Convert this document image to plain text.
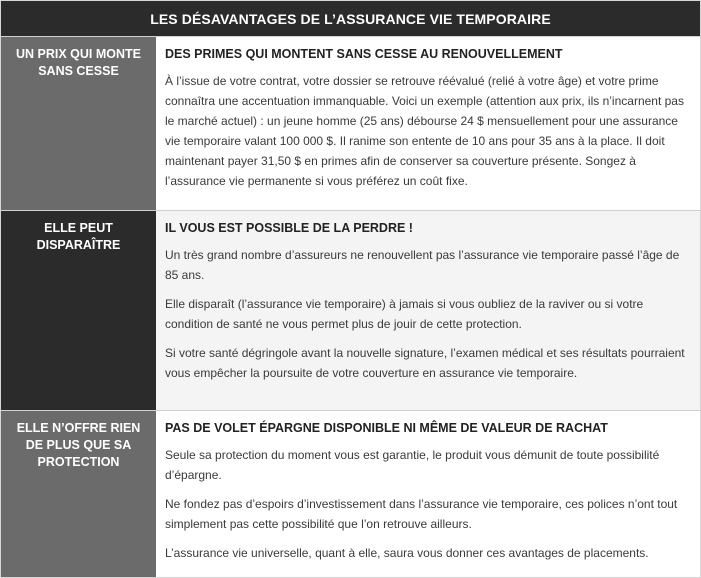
LES DÉSAVANTAGES DE L’ASSURANCE VIE TEMPORAIRE
UN PRIX QUI MONTE SANS CESSE
DES PRIMES QUI MONTENT SANS CESSE AU RENOUVELLEMENT

À l’issue de votre contrat, votre dossier se retrouve réévalué (relié à votre âge) et votre prime connaîtra une accentuation immanquable. Voici un exemple (attention aux prix, ils n’incarnent pas le marché actuel) : un jeune homme (25 ans) débourse 24 $ mensuellement pour une assurance vie temporaire valant 100 000 $. Il ranime son entente de 10 ans pour 35 ans à la place. Il doit maintenant payer 31,50 $ en primes afin de conserver sa couverture présente. Songez à l’assurance vie permanente si vous préférez un coût fixe.

ELLE PEUT DISPARAÎTRE
IL VOUS EST POSSIBLE DE LA PERDRE !

Un très grand nombre d’assureurs ne renouvellent pas l’assurance vie temporaire passé l’âge de 85 ans.

Elle disparaît (l’assurance vie temporaire) à jamais si vous oubliez de la raviver ou si votre condition de santé ne vous permet plus de jouir de cette protection.

Si votre santé dégringole avant la nouvelle signature, l’examen médical et ses résultats pourraient vous empêcher la poursuite de votre couverture en assurance vie temporaire.

ELLE N’OFFRE RIEN DE PLUS QUE SA PROTECTION
PAS DE VOLET ÉPARGNE DISPONIBLE NI MÊME DE VALEUR DE RACHAT

Seule sa protection du moment vous est garantie, le produit vous démunit de toute possibilité d’épargne.

Ne fondez pas d’espoirs d’investissement dans l’assurance vie temporaire, ces polices n’ont tout simplement pas cette possibilité que l’on retrouve ailleurs.

L’assurance vie universelle, quant à elle, saura vous donner ces avantages de placements.
